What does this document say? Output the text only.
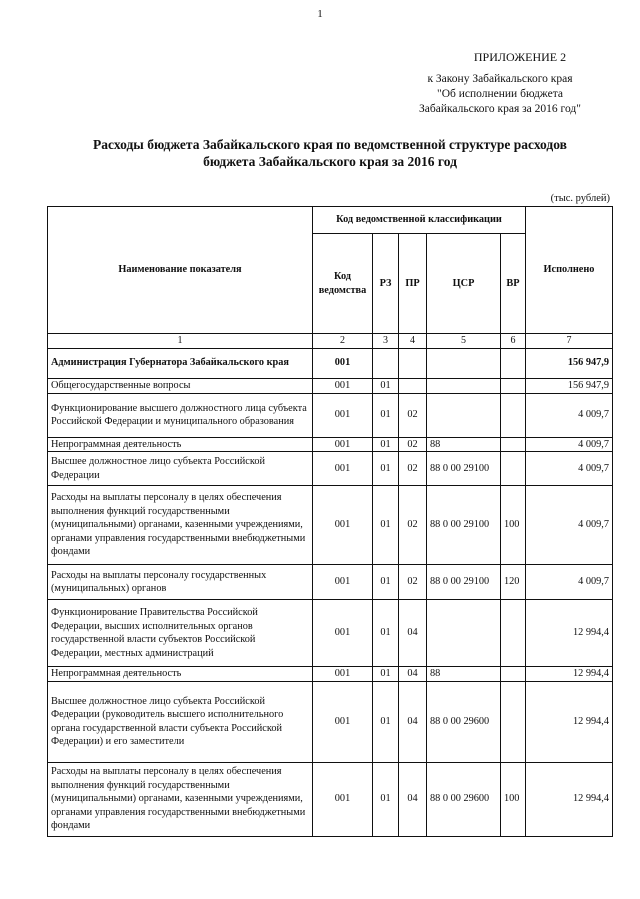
1
ПРИЛОЖЕНИЕ 2
к Закону Забайкальского края
"Об исполнении бюджета
Забайкальского края за 2016 год"
Расходы бюджета Забайкальского края по ведомственной структуре расходов
бюджета Забайкальского края за 2016 год
(тыс. рублей)
Наименование показателя	Код ведомственной классификации					Исполнено
	Код ведомства	РЗ	ПР	ЦСР	ВР	
1	2	3	4	5	6	7
Администрация Губернатора Забайкальского края	001					156 947,9
Общегосударственные вопросы	001	01				156 947,9
Функционирование высшего должностного лица субъекта Российской Федерации и муниципального образования	001	01	02			4 009,7
Непрограммная деятельность	001	01	02	88		4 009,7
Высшее должностное лицо субъекта Российской Федерации	001	01	02	88 0 00 29100		4 009,7
Расходы на выплаты персоналу в целях обеспечения выполнения функций государственными (муниципальными) органами, казенными учреждениями, органами управления государственными внебюджетными фондами	001	01	02	88 0 00 29100	100	4 009,7
Расходы на выплаты персоналу государственных (муниципальных) органов	001	01	02	88 0 00 29100	120	4 009,7
Функционирование Правительства Российской Федерации, высших исполнительных органов государственной власти субъектов Российской Федерации, местных администраций	001	01	04			12 994,4
Непрограммная деятельность	001	01	04	88		12 994,4
Высшее должностное лицо субъекта Российской Федерации (руководитель высшего исполнительного органа государственной власти субъекта Российской Федерации) и его заместители	001	01	04	88 0 00 29600		12 994,4
Расходы на выплаты персоналу в целях обеспечения выполнения функций государственными (муниципальными) органами, казенными учреждениями, органами управления государственными внебюджетными фондами	001	01	04	88 0 00 29600	100	12 994,4
